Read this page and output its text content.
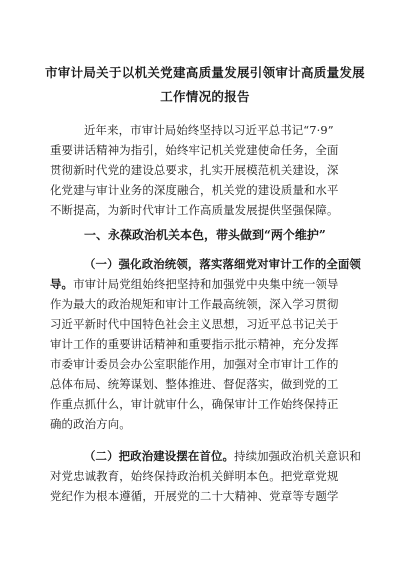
市审计局关于以机关党建高质量发展引领审计高质量发展

工作情况的报告

近年来，市审计局始终坚持以习近平总书记“7·9”

重要讲话精神为指引，始终牢记机关党建使命任务，全面

贯彻新时代党的建设总要求，扎实开展模范机关建设，深

化党建与审计业务的深度融合，机关党的建设质量和水平

不断提高，为新时代审计工作高质量发展提供坚强保障。

一、永葆政治机关本色，带头做到“两个维护”

（一）强化政治统领，落实落细党对审计工作的全面领

导。市审计局党组始终把坚持和加强党中央集中统一领导

作为最大的政治规矩和审计工作最高统领，深入学习贯彻

习近平新时代中国特色社会主义思想，习近平总书记关于

审计工作的重要讲话精神和重要指示批示精神，充分发挥

市委审计委员会办公室职能作用，加强对全市审计工作的

总体布局、统筹谋划、整体推进、督促落实，做到党的工

作重点抓什么，审计就审什么，确保审计工作始终保持正

确的政治方向。

（二）把政治建设摆在首位。持续加强政治机关意识和

对党忠诚教育，始终保持政治机关鲜明本色。把党章党规

党纪作为根本遵循，开展党的二十大精神、党章等专题学
